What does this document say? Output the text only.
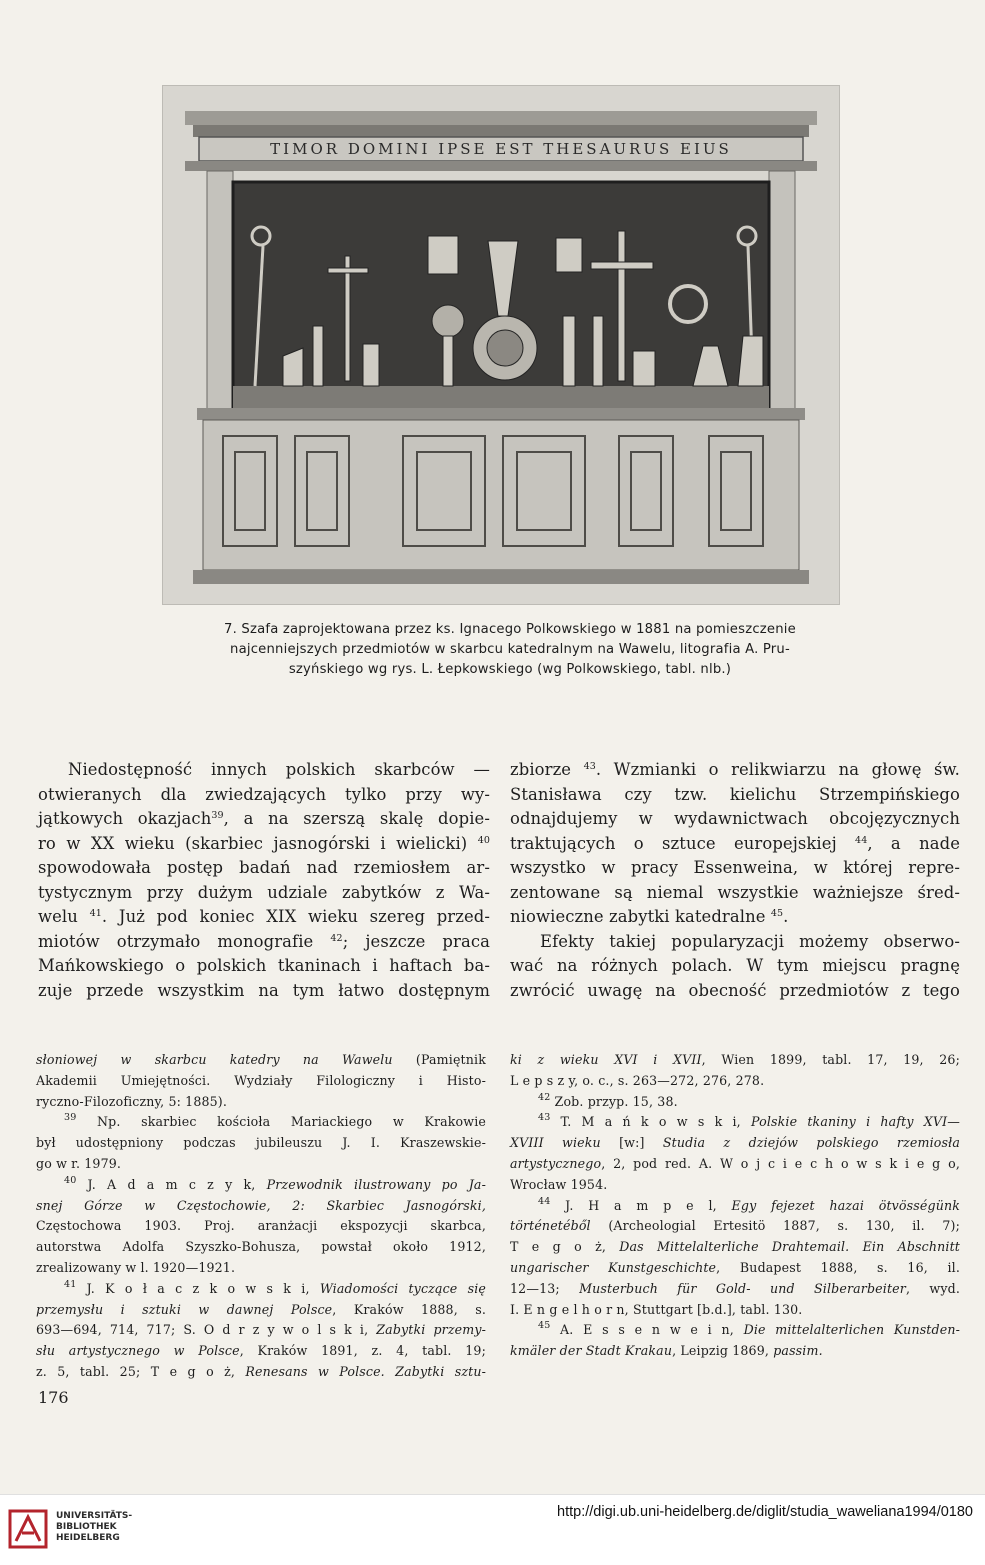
TIMOR DOMINI IPSE EST THESAURUS EIUS
7. Szafa zaprojektowana przez ks. Ignacego Polkowskiego w 1881 na pomieszczenie
najcenniejszych przedmiotów w skarbcu katedralnym na Wawelu, litografia A. Pru-
szyńskiego wg rys. L. Łepkowskiego (wg Polkowskiego, tabl. nlb.)
Niedostępność innych polskich skarbców —
otwieranych dla zwiedzających tylko przy wy-
jątkowych okazjach$^{39}$, a na szerszą skalę dopie-
ro w XX wieku (skarbiec jasnogórski i wielicki) $^{40}$
spowodowała postęp badań nad rzemiosłem ar-
tystycznym przy dużym udziale zabytków z Wa-
welu $^{41}$. Już pod koniec XIX wieku szereg przed-
miotów otrzymało monografie $^{42}$; jeszcze praca
Mańkowskiego o polskich tkaninach i haftach ba-
zuje przede wszystkim na tym łatwo dostępnym
zbiorze $^{43}$. Wzmianki o relikwiarzu na głowę św.
Stanisława czy tzw. kielichu Strzempińskiego
odnajdujemy w wydawnictwach obcojęzycznych
traktujących o sztuce europejskiej $^{44}$, a nade
wszystko w pracy Essenweina, w której repre-
zentowane są niemal wszystkie ważniejsze śred-
niowieczne zabytki katedralne $^{45}$.
Efekty takiej popularyzacji możemy obserwo-
wać na różnych polach. W tym miejscu pragnę
zwrócić uwagę na obecność przedmiotów z tego
słoniowej w skarbcu katedry na Wawelu (Pamiętnik
Akademii Umiejętności. Wydziały Filologiczny i Histo-
ryczno-Filozoficzny, 5: 1885).
$^{39}$ Np. skarbiec kościoła Mariackiego w Krakowie
był udostępniony podczas jubileuszu J. I. Kraszewskie-
go w r. 1979.
$^{40}$ J. A d a m c z y k, Przewodnik ilustrowany po Ja-
snej Górze w Częstochowie, 2: Skarbiec Jasnogórski,
Częstochowa 1903. Proj. aranżacji ekspozycji skarbca,
autorstwa Adolfa Szyszko-Bohusza, powstał około 1912,
zrealizowany w l. 1920—1921.
$^{41}$ J. K o ł a c z k o w s k i, Wiadomości tyczące się
przemysłu i sztuki w dawnej Polsce, Kraków 1888, s.
693—694, 714, 717; S. O d r z y w o l s k i, Zabytki przemy-
słu artystycznego w Polsce, Kraków 1891, z. 4, tabl. 19;
z. 5, tabl. 25; T e g o ż, Renesans w Polsce. Zabytki sztu-
ki z wieku XVI i XVII, Wien 1899, tabl. 17, 19, 26;
L e p s z y, o. c., s. 263—272, 276, 278.
$^{42}$ Zob. przyp. 15, 38.
$^{43}$ T. M a ń k o w s k i, Polskie tkaniny i hafty XVI—
XVIII wieku [w:] Studia z dziejów polskiego rzemiosła
artystycznego, 2, pod red. A. W o j c i e c h o w s k i e g o,
Wrocław 1954.
$^{44}$ J. H a m p e l, Egy fejezet hazai ötvösségünk
történetéből (Archeologial Ertesitö 1887, s. 130, il. 7);
T e g o ż, Das Mittelalterliche Drahtemail. Ein Abschnitt
ungarischer Kunstgeschichte, Budapest 1888, s. 16, il.
12—13; Musterbuch für Gold- und Silberarbeiter, wyd.
I. E n g e l h o r n, Stuttgart [b.d.], tabl. 130.
$^{45}$ A. E s s e n w e i n, Die mittelalterlichen Kunstden-
kmäler der Stadt Krakau, Leipzig 1869, passim.
176
UNIVERSITÄTS-
BIBLIOTHEK
HEIDELBERG
http://digi.ub.uni-heidelberg.de/diglit/studia_waweliana1994/0180
